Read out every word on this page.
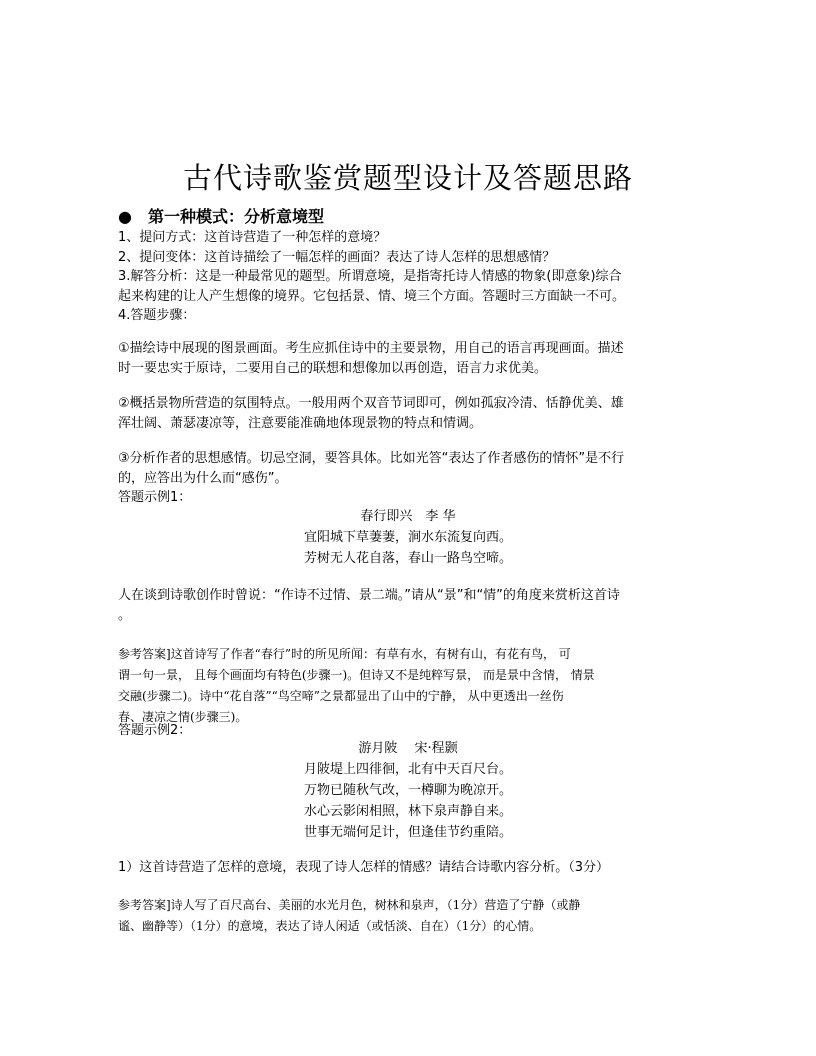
古代诗歌鉴赏题型设计及答题思路
● 第一种模式：分析意境型

1、提问方式：这首诗营造了一种怎样的意境？

2、提问变体：这首诗描绘了一幅怎样的画面？表达了诗人怎样的思想感情？

3.解答分析：这是一种最常见的题型。所谓意境，是指寄托诗人情感的物象(即意象)综合

起来构建的让人产生想像的境界。它包括景、情、境三个方面。答题时三方面缺一不可。

4.答题步骤：

①描绘诗中展现的图景画面。考生应抓住诗中的主要景物，用自己的语言再现画面。描述

时一要忠实于原诗，二要用自己的联想和想像加以再创造，语言力求优美。

②概括景物所营造的氛围特点。一般用两个双音节词即可，例如孤寂冷清、恬静优美、雄

浑壮阔、萧瑟凄凉等，注意要能准确地体现景物的特点和情调。

③分析作者的思想感情。切忌空洞，要答具体。比如光答“表达了作者感伤的情怀”是不行

的，应答出为什么而“感伤”。

答题示例1：

春行即兴　李 华

宜阳城下草萋萋，涧水东流复向西。

芳树无人花自落，春山一路鸟空啼。

人在谈到诗歌创作时曾说：“作诗不过情、景二端。”请从“景”和“情”的角度来赏析这首诗

。

参考答案]这首诗写了作者“春行”时的所见所闻：有草有水，有树有山，有花有鸟， 可

谓一句一景， 且每个画面均有特色(步骤一)。但诗又不是纯粹写景， 而是景中含情， 情景

交融(步骤二)。诗中“花自落”“鸟空啼”之景都显出了山中的宁静， 从中更透出一丝伤

春、凄凉之情(步骤三)。

答题示例2：

游月陂　 宋·程颢

月陂堤上四徘徊，北有中天百尺台。

万物已随秋气改，一樽聊为晚凉开。

水心云影闲相照，林下泉声静自来。

世事无端何足计，但逢佳节约重陪。

1）这首诗营造了怎样的意境，表现了诗人怎样的情感？请结合诗歌内容分析。（3分）

参考答案]诗人写了百尺高台、美丽的水光月色，树林和泉声，（1分）营造了宁静（或静

谧、幽静等）（1分）的意境，表达了诗人闲适（或恬淡、自在）（1分）的心情。
